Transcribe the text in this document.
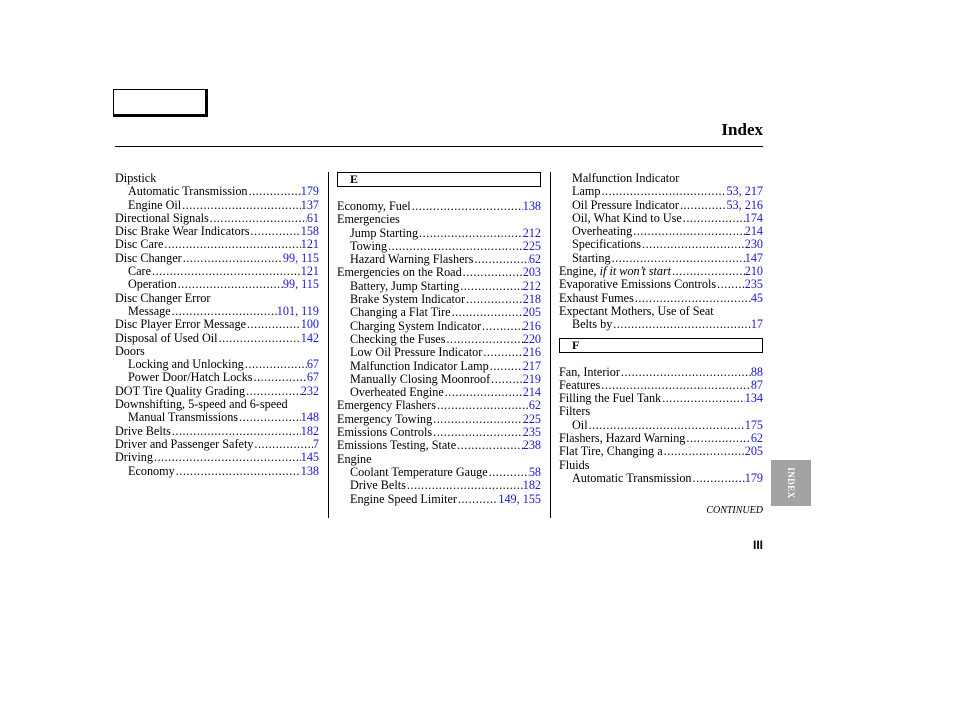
Index
Dipstick
Automatic Transmission .....	179
Engine Oil .....	137
Directional Signals .....	61
Disc Brake Wear Indicators .....	158
Disc Care .....	121
Disc Changer .....	99, 115
Care .....	121
Operation .....	99, 115
Disc Changer Error
Message .....	101, 119
Disc Player Error Message .....	100
Disposal of Used Oil .....	142
Doors
Locking and Unlocking .....	67
Power Door/Hatch Locks .....	67
DOT Tire Quality Grading .....	232
Downshifting, 5-speed and 6-speed
Manual Transmissions .....	148
Drive Belts .....	182
Driver and Passenger Safety .....	7
Driving .....	145
Economy .....	138
E
Economy, Fuel .....	138
Emergencies
Jump Starting .....	212
Towing .....	225
Hazard Warning Flashers .....	62
Emergencies on the Road .....	203
Battery, Jump Starting .....	212
Brake System Indicator .....	218
Changing a Flat Tire .....	205
Charging System Indicator .....	216
Checking the Fuses .....	220
Low Oil Pressure Indicator .....	216
Malfunction Indicator Lamp .....	217
Manually Closing Moonroof .....	219
Overheated Engine .....	214
Emergency Flashers .....	62
Emergency Towing .....	225
Emissions Controls .....	235
Emissions Testing, State .....	238
Engine
Coolant Temperature Gauge .....	58
Drive Belts .....	182
Engine Speed Limiter .....	149, 155
Malfunction Indicator
Lamp .....	53, 217
Oil Pressure Indicator .....	53, 216
Oil, What Kind to Use .....	174
Overheating .....	214
Specifications .....	230
Starting .....	147
Engine, if it won’t start .....	210
Evaporative Emissions Controls ..... 235
Exhaust Fumes .....	45
Expectant Mothers, Use of Seat
Belts by .....	17
F
Fan, Interior .....	88
Features .....	87
Filling the Fuel Tank .....	134
Filters
Oil .....	175
Flashers, Hazard Warning .....	62
Flat Tire, Changing a .....	205
Fluids
Automatic Transmission .....	179	INDEX
CONTINUED
III
